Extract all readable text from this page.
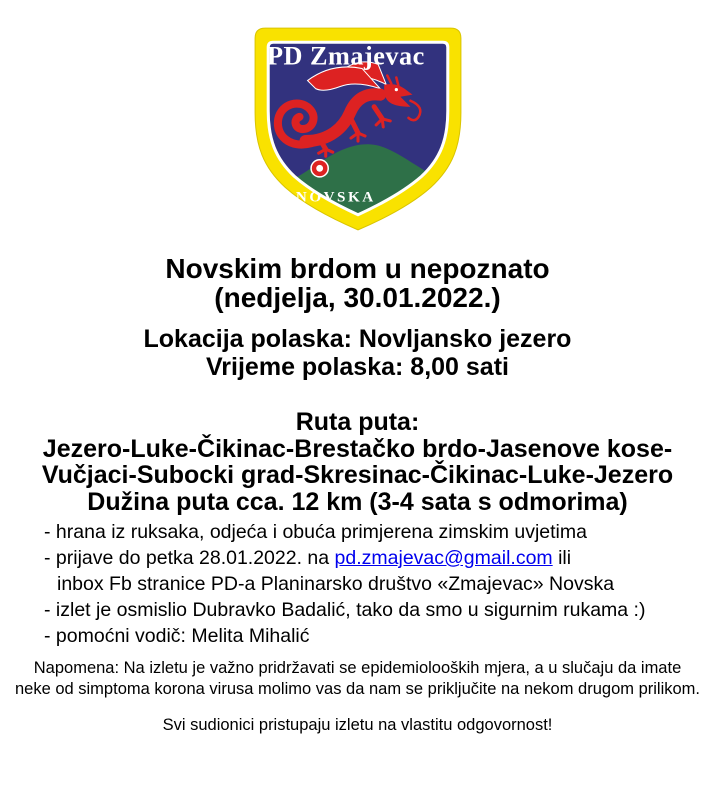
PD Zmajevac
NOVSKA
Novskim brdom u nepoznato
(nedjelja, 30.01.2022.)
Lokacija polaska: Novljansko jezero
Vrijeme polaska: 8,00 sati
Ruta puta:
Jezero-Luke-Čikinac-Brestačko brdo-Jasenove kose-
Vučjaci-Subocki grad-Skresinac-Čikinac-Luke-Jezero
Dužina puta cca. 12 km (3-4 sata s odmorima)
- hrana iz ruksaka, odjeća i obuća primjerena zimskim uvjetima
- prijave do petka 28.01.2022. na pd.zmajevac@gmail.com ili
inbox Fb stranice PD-a Planinarsko društvo «Zmajevac» Novska
- izlet je osmislio Dubravko Badalić, tako da smo u sigurnim rukama :)
- pomoćni vodič: Melita Mihalić
Napomena: Na izletu je važno pridržavati se epidemiolooških mjera, a u slučaju da imate
neke od simptoma korona virusa molimo vas da nam se priključite na nekom drugom prilikom.
Svi sudionici pristupaju izletu na vlastitu odgovornost!
